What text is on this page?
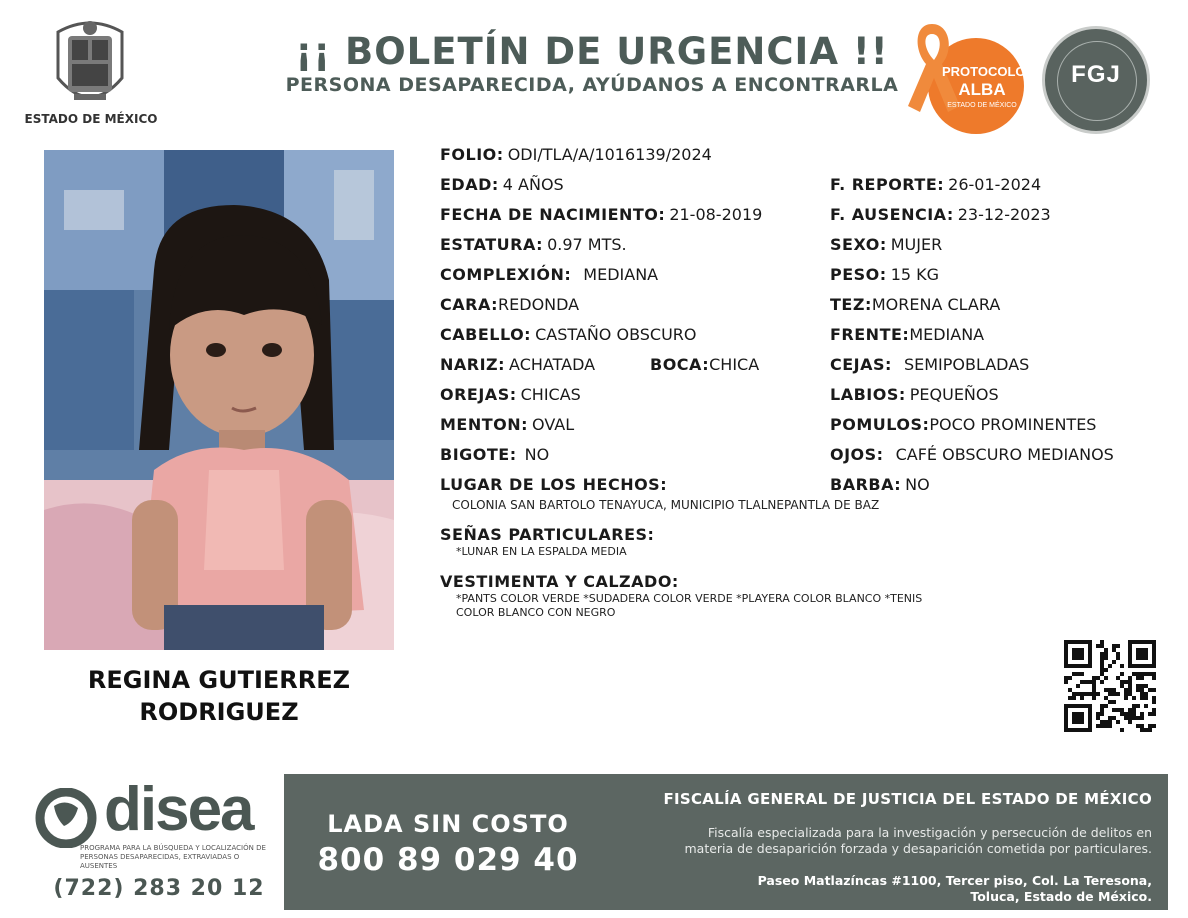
ESTADO DE MÉXICO
¡¡ BOLETÍN DE URGENCIA !!
PERSONA DESAPARECIDA, AYÚDANOS A ENCONTRARLA
PROTOCOLO
ALBA
ESTADO DE MÉXICO
FGJ
REGINA GUTIERREZ
RODRIGUEZ
FOLIO: ODI/TLA/A/1016139/2024
EDAD: 4 AÑOS	F. REPORTE: 26-01-2024
FECHA DE NACIMIENTO: 21-08-2019	F. AUSENCIA: 23-12-2023
ESTATURA: 0.97 MTS.	SEXO: MUJER
COMPLEXIÓN: MEDIANA	PESO: 15 KG
CARA:REDONDA	TEZ:MORENA CLARA
CABELLO: CASTAÑO OBSCURO	FRENTE:MEDIANA
NARIZ: ACHATADA	BOCA:CHICA	CEJAS: SEMIPOBLADAS
OREJAS: CHICAS	LABIOS: PEQUEÑOS
MENTON: OVAL	POMULOS:POCO PROMINENTES
BIGOTE: NO	OJOS: CAFÉ OBSCURO MEDIANOS
LUGAR DE LOS HECHOS:	BARBA: NO
COLONIA SAN BARTOLO TENAYUCA, MUNICIPIO TLALNEPANTLA DE BAZ
SEÑAS PARTICULARES:
*LUNAR EN LA ESPALDA MEDIA
VESTIMENTA Y CALZADO:
*PANTS COLOR VERDE *SUDADERA COLOR VERDE *PLAYERA COLOR BLANCO *TENIS
COLOR BLANCO CON NEGRO
disea
PROGRAMA PARA LA BÚSQUEDA Y LOCALIZACIÓN DE PERSONAS DESAPARECIDAS, EXTRAVIADAS O AUSENTES
(722) 283 20 12
LADA SIN COSTO
800 89 029 40
FISCALÍA GENERAL DE JUSTICIA DEL ESTADO DE MÉXICO
Fiscalía especializada para la investigación y persecución de delitos en
materia de desaparición forzada y desaparición cometida por particulares.
Paseo Matlazíncas #1100, Tercer piso, Col. La Teresona,
Toluca, Estado de México.
